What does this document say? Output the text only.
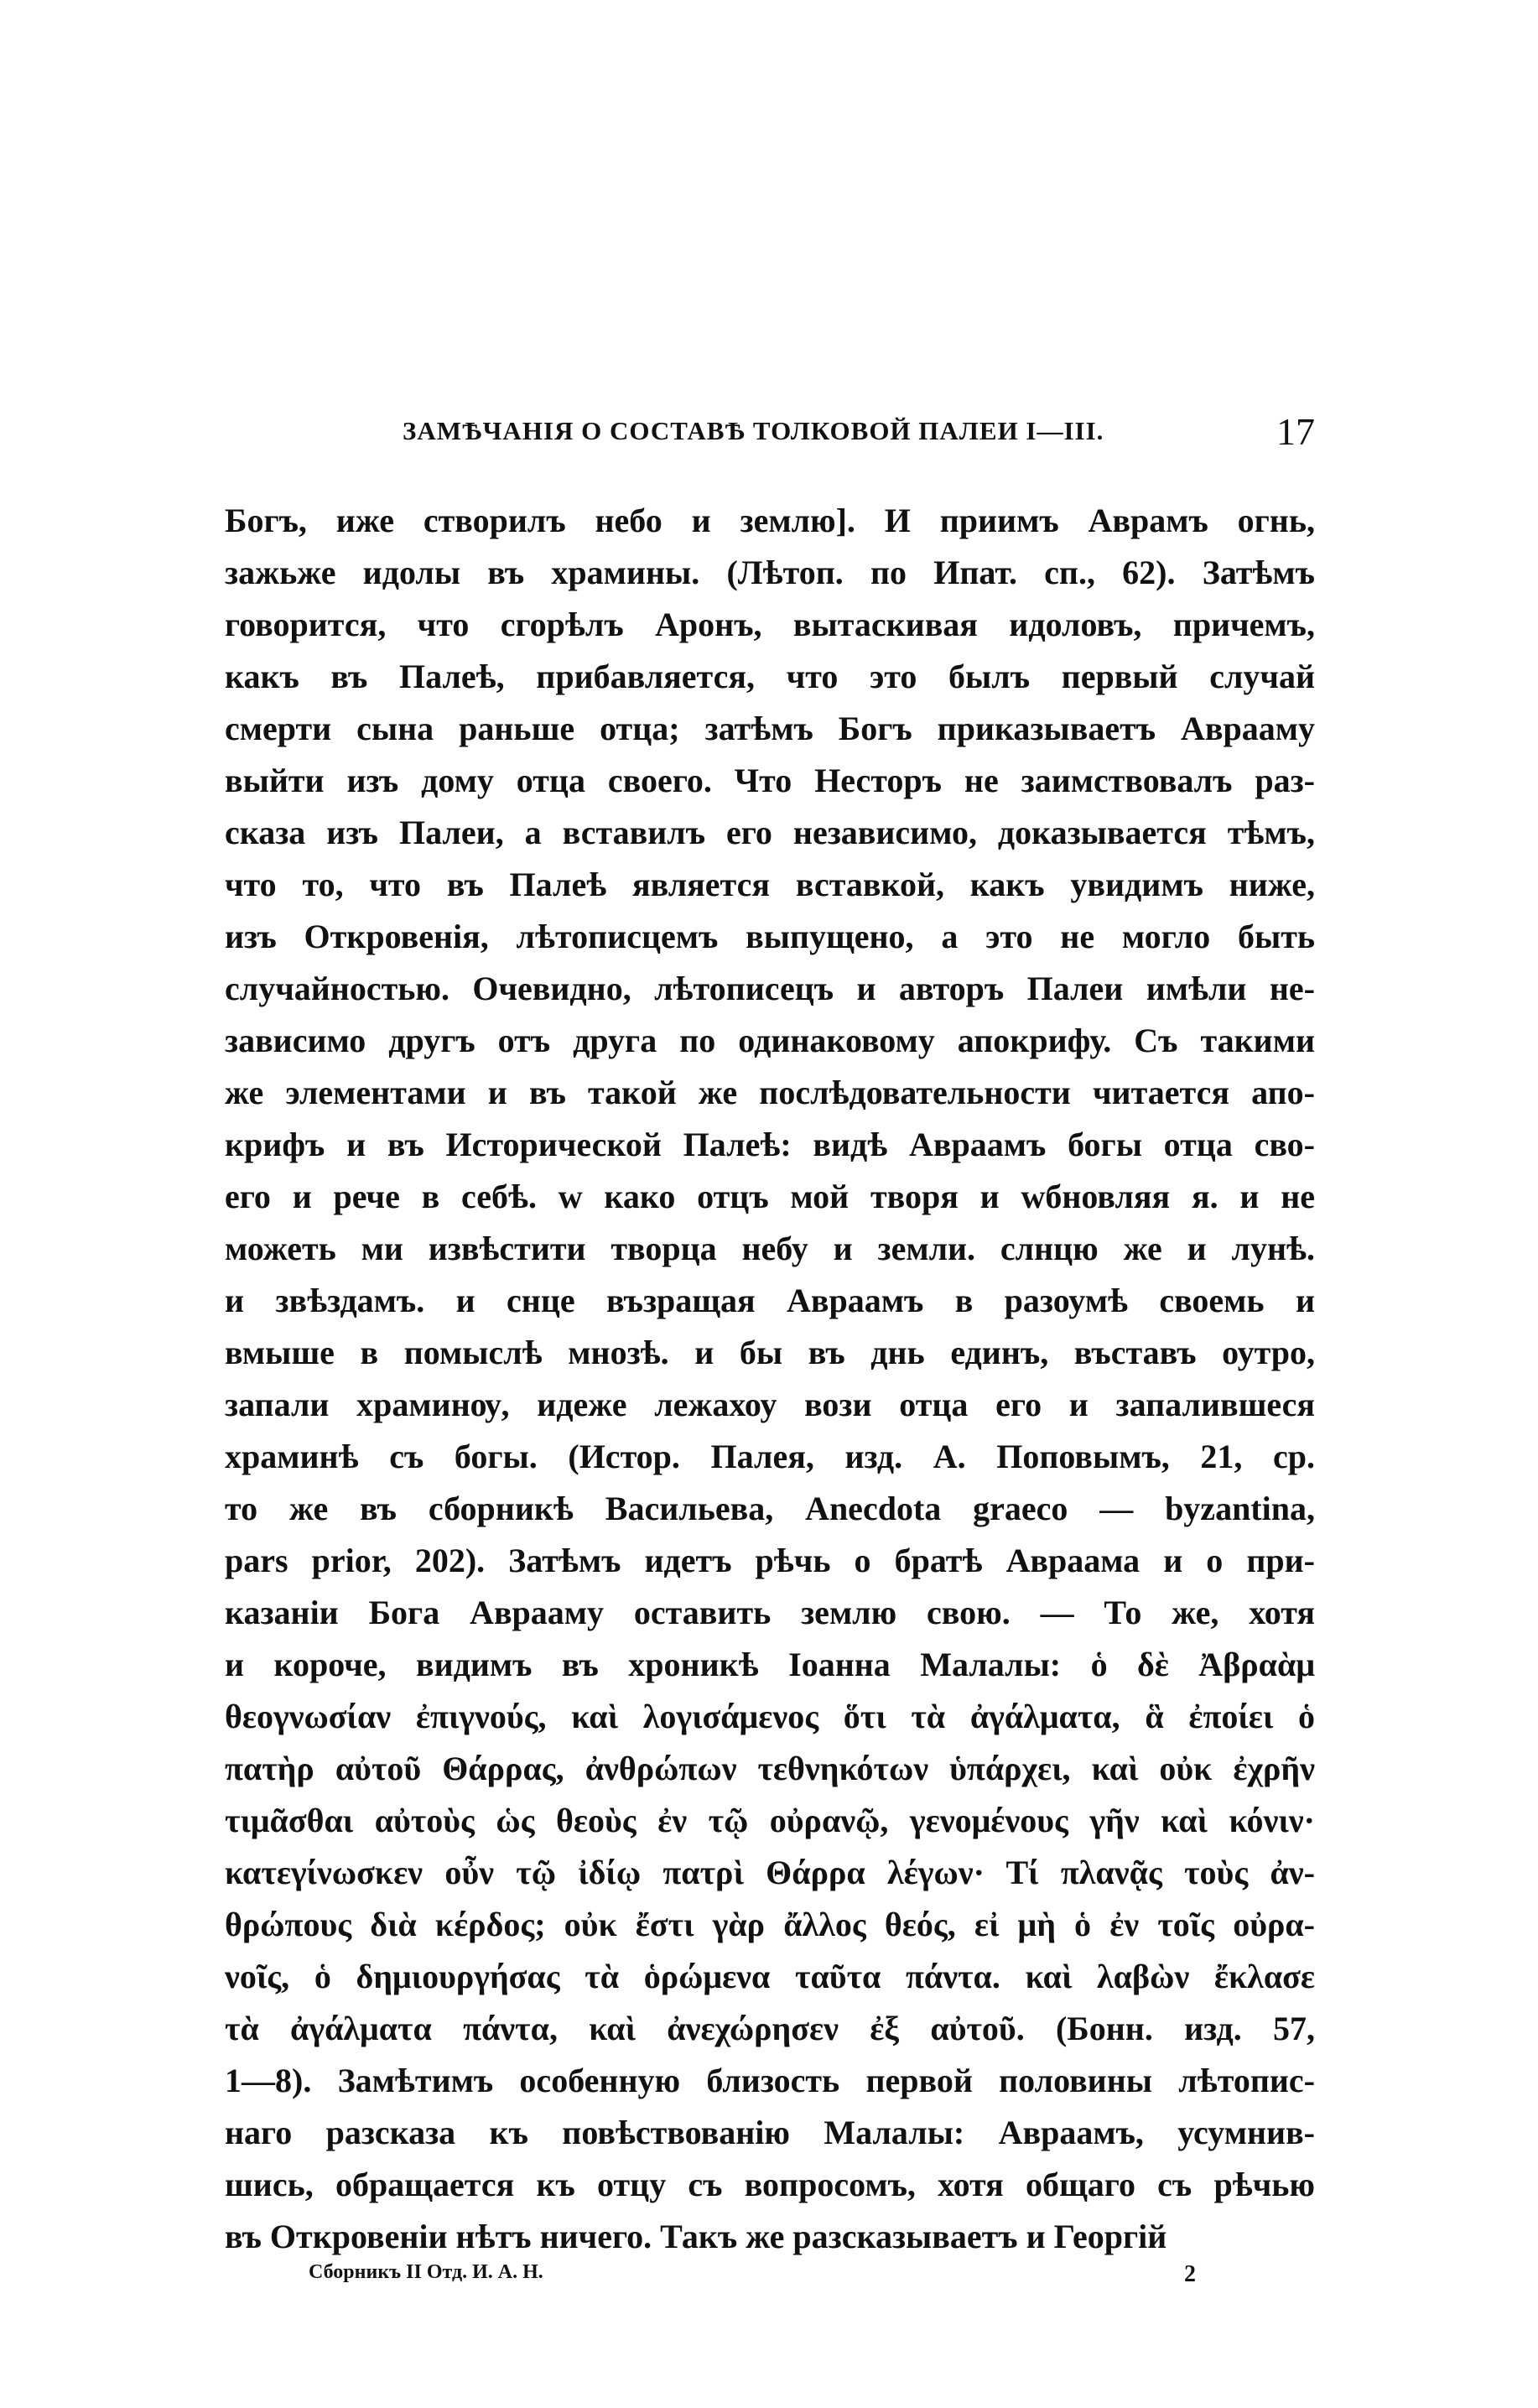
ЗАМѢЧАНІЯ О СОСТАВѢ ТОЛКОВОЙ ПАЛЕИ I—III.	17
Богъ, иже створилъ небо и землю]. И приимъ Аврамъ огнь,
зажьже идолы въ храмины. (Лѣтоп. по Ипат. сп., 62). Затѣмъ
говорится, что сгорѣлъ Аронъ, вытаскивая идоловъ, причемъ,
какъ въ Палеѣ, прибавляется, что это былъ первый случай
смерти сына раньше отца; затѣмъ Богъ приказываетъ Аврааму
выйти изъ дому отца своего. Что Несторъ не заимствовалъ раз-
сказа изъ Палеи, а вставилъ его независимо, доказывается тѣмъ,
что то, что въ Палеѣ является вставкой, какъ увидимъ ниже,
изъ Откровенія, лѣтописцемъ выпущено, а это не могло быть
случайностью. Очевидно, лѣтописецъ и авторъ Палеи имѣли не-
зависимо другъ отъ друга по одинаковому апокрифу. Съ такими
же элементами и въ такой же послѣдовательности читается апо-
крифъ и въ Исторической Палеѣ: видѣ Авраамъ богы отца сво-
его и рече в себѣ. w како отцъ мой творя и wбновляя я. и не
можеть ми извѣстити творца небу и земли. слнцю же и лунѣ.
и звѣздамъ. и снце възращая Авраамъ в разоумѣ своемь и
вмыше в помыслѣ мнозѣ. и бы въ днь единъ, въставъ оутро,
запали храминѹ, идеже лежахоу вози отца его и запалившеся
храминѣ съ богы. (Истор. Палея, изд. А. Поповымъ, 21, ср.
то же въ сборникѣ Васильева, Anecdota graeco — byzantina,
pars prior, 202). Затѣмъ идетъ рѣчь о братѣ Авраама и о при-
казаніи Бога Аврааму оставить землю свою. — То же, хотя
и короче, видимъ въ хроникѣ Іоанна Малалы: ὁ δὲ Ἀβραὰμ
θεογνωσίαν ἐπιγνούς, καὶ λογισάμενος ὅτι τὰ ἀγάλματα, ἃ ἐποίει ὁ
πατὴρ αὐτοῦ Θάρρας, ἀνθρώπων τεθνηκότων ὑπάρχει, καὶ οὐκ ἐχρῆν
τιμᾶσθαι αὐτοὺς ὡς θεοὺς ἐν τῷ οὐρανῷ, γενομένους γῆν καὶ κόνιν·
κατεγίνωσκεν οὖν τῷ ἰδίῳ πατρὶ Θάρρα λέγων· Τί πλανᾷς τοὺς ἀν-
θρώπους διὰ κέρδος; οὐκ ἔστι γὰρ ἄλλος θεός, εἰ μὴ ὁ ἐν τοῖς οὐρα-
νοῖς, ὁ δημιουργήσας τὰ ὁρώμενα ταῦτα πάντα. καὶ λαβὼν ἔκλασε
τὰ ἀγάλματα πάντα, καὶ ἀνεχώρησεν ἐξ αὐτοῦ. (Бонн. изд. 57,
1—8). Замѣтимъ особенную близость первой половины лѣтопис-
наго разсказа къ повѣствованію Малалы: Авраамъ, усумнив-
шись, обращается къ отцу съ вопросомъ, хотя общаго съ рѣчью
въ Откровеніи нѣтъ ничего. Такъ же разсказываетъ и Георгій
Сборникъ II Отд. И. А. Н.	2
